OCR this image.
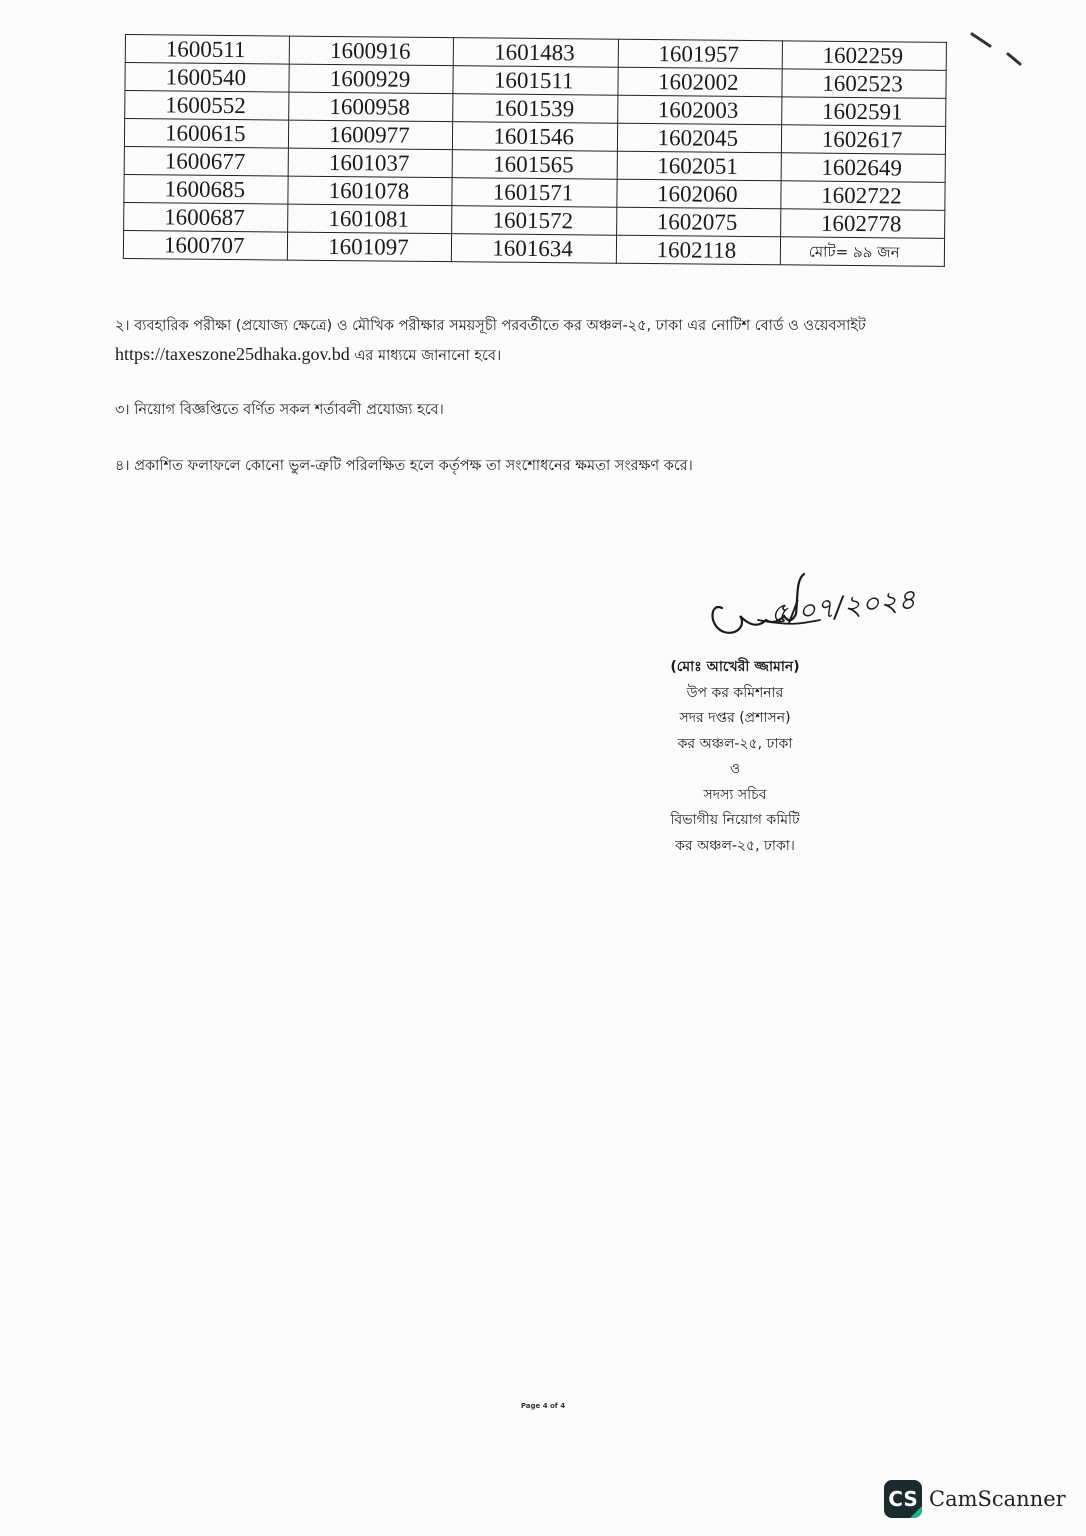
1600511	1600916	1601483	1601957	1602259
1600540	1600929	1601511	1602002	1602523
1600552	1600958	1601539	1602003	1602591
1600615	1600977	1601546	1602045	1602617
1600677	1601037	1601565	1602051	1602649
1600685	1601078	1601571	1602060	1602722
1600687	1601081	1601572	1602075	1602778
1600707	1601097	1601634	1602118	মোট= ৯৯ জন

২। ব্যবহারিক পরীক্ষা (প্রযোজ্য ক্ষেত্রে) ও মৌখিক পরীক্ষার সময়সূচী পরবর্তীতে কর অঞ্চল-২৫, ঢাকা এর নোটিশ বোর্ড ও ওয়েবসাইট https://taxeszone25dhaka.gov.bd এর মাধ্যমে জানানো হবে।

৩। নিয়োগ বিজ্ঞপ্তিতে বর্ণিত সকল শর্তাবলী প্রযোজ্য হবে।

৪। প্রকাশিত ফলাফলে কোনো ভুল-ত্রুটি পরিলক্ষিত হলে কর্তৃপক্ষ তা সংশোধনের ক্ষমতা সংরক্ষণ করে।

৫/০৭/২০২৪
(মোঃ আখেরী জ্জামান)
উপ কর কমিশনার
সদর দপ্তর (প্রশাসন)
কর অঞ্চল-২৫, ঢাকা
ও
সদস্য সচিব
বিভাগীয় নিয়োগ কমিটি
কর অঞ্চল-২৫, ঢাকা।
Page 4 of 4
CS CamScanner
